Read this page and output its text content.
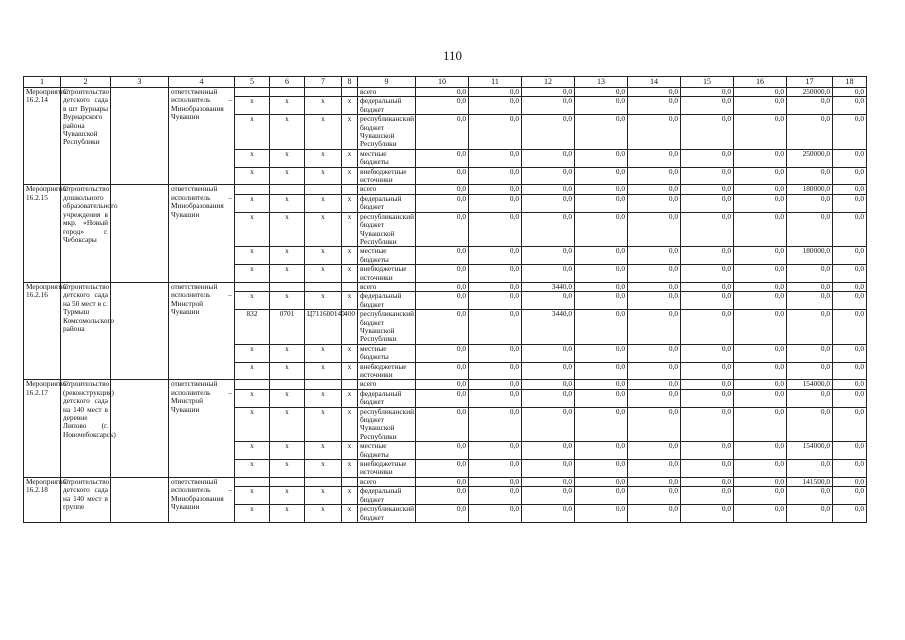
110
1	2	3	4	5	6	7	8	9	10	11	12	13	14	15	16	17	18
Мероприятие 16.2.14	Строительство детского сада в шт Вурнары Вурнарского района Чувашской Республики		ответственный исполнитель – Минобразования Чувашии					всего	0,0	0,0	0,0	0,0	0,0	0,0	0,0	250000,0	0,0
				x	x	x	x	федеральный бюджет	0,0	0,0	0,0	0,0	0,0	0,0	0,0	0,0	0,0
				x	x	x	x	республиканский бюджет Чувашской Республики	0,0	0,0	0,0	0,0	0,0	0,0	0,0	0,0	0,0
				x	x	x	x	местные бюджеты	0,0	0,0	0,0	0,0	0,0	0,0	0,0	250000,0	0,0
				x	x	x	x	внебюджетные источники	0,0	0,0	0,0	0,0	0,0	0,0	0,0	0,0	0,0
Мероприятие 16.2.15	Строительство дошкольного образовательного учреждения в мкр. «Новый город» г. Чебоксары		ответственный исполнитель – Минобразования Чувашии					всего	0,0	0,0	0,0	0,0	0,0	0,0	0,0	180000,0	0,0
				x	x	x	x	федеральный бюджет	0,0	0,0	0,0	0,0	0,0	0,0	0,0	0,0	0,0
				x	x	x	x	республиканский бюджет Чувашской Республики	0,0	0,0	0,0	0,0	0,0	0,0	0,0	0,0	0,0
				x	x	x	x	местные бюджеты	0,0	0,0	0,0	0,0	0,0	0,0	0,0	180000,0	0,0
				x	x	x	x	внебюджетные источники	0,0	0,0	0,0	0,0	0,0	0,0	0,0	0,0	0,0
Мероприятие 16.2.16	Строительство детского сада на 50 мест в с. Турмыш Комсомольского района		ответственный исполнитель – Минстрой Чувашии					всего	0,0	0,0	3440,0	0,0	0,0	0,0	0,0	0,0	0,0
				x	x	x	x	федеральный бюджет	0,0	0,0	0,0	0,0	0,0	0,0	0,0	0,0	0,0
				832	0701	Ц711600140	400	республиканский бюджет Чувашской Республики	0,0	0,0	3440,0	0,0	0,0	0,0	0,0	0,0	0,0
				x	x	x	x	местные бюджеты	0,0	0,0	0,0	0,0	0,0	0,0	0,0	0,0	0,0
				x	x	x	x	внебюджетные источники	0,0	0,0	0,0	0,0	0,0	0,0	0,0	0,0	0,0
Мероприятие 16.2.17	Строительство (реконструкция) детского сада на 140 мест в деревне Липово (г. Новочебоксарск)		ответственный исполнитель – Минстрой Чувашии					всего	0,0	0,0	0,0	0,0	0,0	0,0	0,0	154000,0	0,0
				x	x	x	x	федеральный бюджет	0,0	0,0	0,0	0,0	0,0	0,0	0,0	0,0	0,0
				x	x	x	x	республиканский бюджет Чувашской Республики	0,0	0,0	0,0	0,0	0,0	0,0	0,0	0,0	0,0
				x	x	x	x	местные бюджеты	0,0	0,0	0,0	0,0	0,0	0,0	0,0	154000,0	0,0
				x	x	x	x	внебюджетные источники	0,0	0,0	0,0	0,0	0,0	0,0	0,0	0,0	0,0
Мероприятие 16.2.18	Строительство детского сада на 140 мест в группе		ответственный исполнитель – Минобразования Чувашии					всего	0,0	0,0	0,0	0,0	0,0	0,0	0,0	141500,0	0,0
				x	x	x	x	федеральный бюджет	0,0	0,0	0,0	0,0	0,0	0,0	0,0	0,0	0,0
				x	x	x	x	республиканский бюджет	0,0	0,0	0,0	0,0	0,0	0,0	0,0	0,0	0,0
